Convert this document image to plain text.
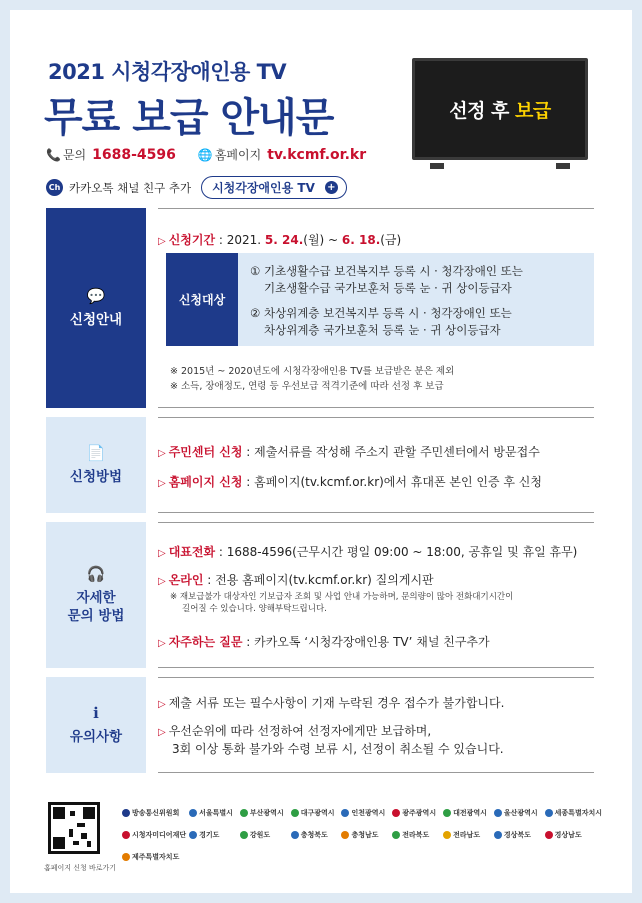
2021 시청각장애인용 TV
무료 보급 안내문
📞 문의 1688-4596 🌐 홈페이지 tv.kcmf.or.kr
Ch 카카오톡 채널 친구 추가 시청각장애인용 TV +
선정 후 보급
💬
신청안내
▷ 신청기간 : 2021. 5. 24.(월) ~ 6. 18.(금)
신청대상
① 기초생활수급 보건복지부 등록 시 · 청각장애인 또는
기초생활수급 국가보훈처 등록 눈 · 귀 상이등급자
② 차상위계층 보건복지부 등록 시 · 청각장애인 또는
차상위계층 국가보훈처 등록 눈 · 귀 상이등급자
※ 2015년 ~ 2020년도에 시청각장애인용 TV를 보급받은 분은 제외
※ 소득, 장애정도, 연령 등 우선보급 적격기준에 따라 선정 후 보급
📄
신청방법
▷ 주민센터 신청 : 제출서류를 작성해 주소지 관할 주민센터에서 방문접수
▷ 홈페이지 신청 : 홈페이지(tv.kcmf.or.kr)에서 휴대폰 본인 인증 후 신청
🎧
자세한
문의 방법
▷ 대표전화 : 1688-4596(근무시간 평일 09:00 ~ 18:00, 공휴일 및 휴일 휴무)
▷ 온라인 : 전용 홈페이지(tv.kcmf.or.kr) 질의게시판
※ 재보급불가 대상자인 기보급자 조회 및 사업 안내 가능하며, 문의량이 많아 전화대기시간이
길어질 수 있습니다. 양해부탁드립니다.
▷ 자주하는 질문 : 카카오톡 ‘시청각장애인용 TV’ 채널 친구추가
ℹ
유의사항
▷ 제출 서류 또는 필수사항이 기재 누락된 경우 접수가 불가합니다.
▷ 우선순위에 따라 선정하여 선정자에게만 보급하며,
3회 이상 통화 불가와 수령 보류 시, 선정이 취소될 수 있습니다.
홈페이지 신청 바로가기
방송통신위원회	서울특별시 부산광역시 대구광역시 인천광역시 광주광역시 대전광역시 울산광역시 세종특별자치시
시청자미디어재단 경기도	강원도	충청북도	충청남도	전라북도	전라남도	경상북도	경상남도
제주특별자치도
